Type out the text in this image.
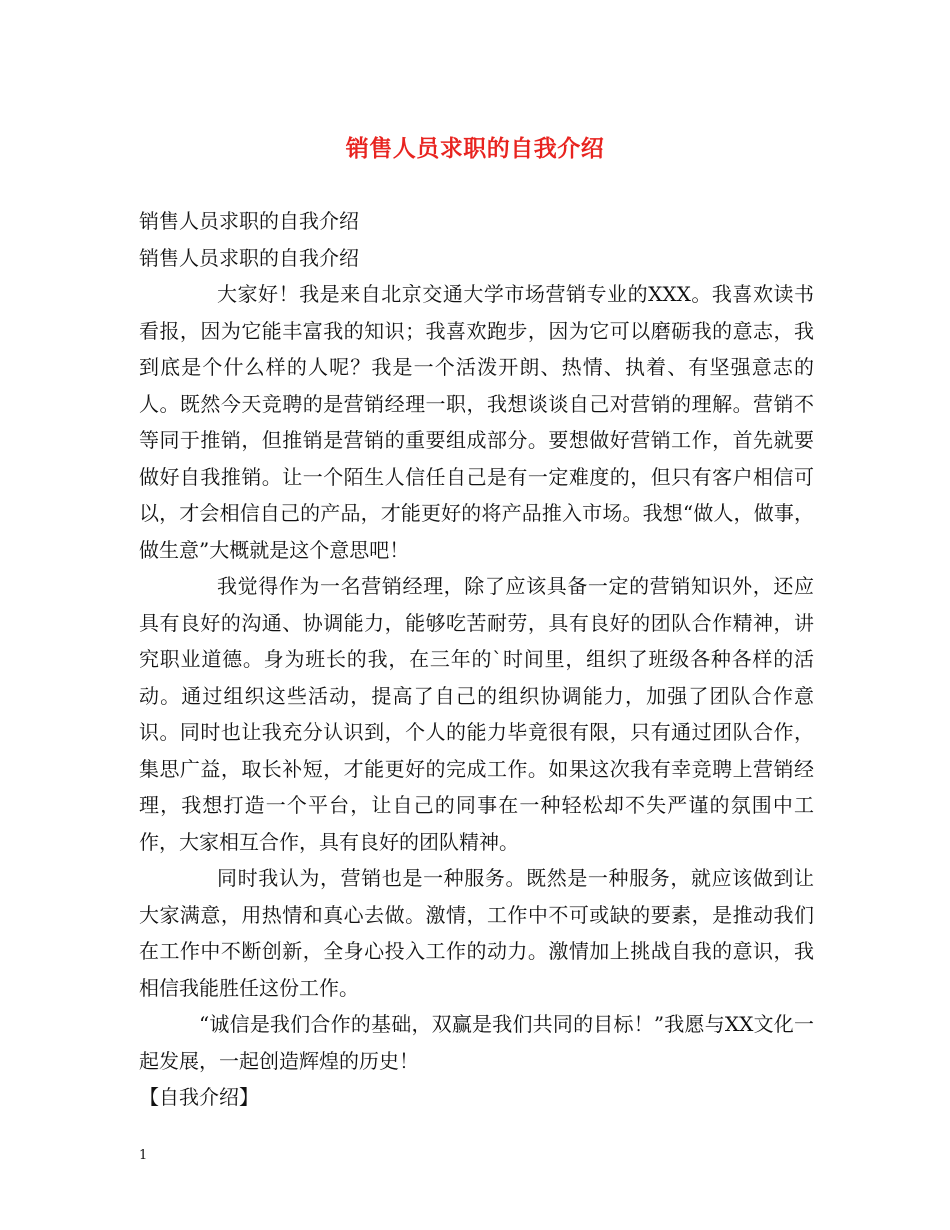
销售人员求职的自我介绍

销售人员求职的自我介绍

销售人员求职的自我介绍

大家好！我是来自北京交通大学市场营销专业的XXX。我喜欢读书看报，因为它能丰富我的知识；我喜欢跑步，因为它可以磨砺我的意志，我到底是个什么样的人呢？我是一个活泼开朗、热情、执着、有坚强意志的人。既然今天竞聘的是营销经理一职，我想谈谈自己对营销的理解。营销不等同于推销，但推销是营销的重要组成部分。要想做好营销工作，首先就要做好自我推销。让一个陌生人信任自己是有一定难度的，但只有客户相信可以，才会相信自己的产品，才能更好的将产品推入市场。我想“做人，做事，做生意”大概就是这个意思吧！

我觉得作为一名营销经理，除了应该具备一定的营销知识外，还应具有良好的沟通、协调能力，能够吃苦耐劳，具有良好的团队合作精神，讲究职业道德。身为班长的我，在三年的`时间里，组织了班级各种各样的活动。通过组织这些活动，提高了自己的组织协调能力，加强了团队合作意识。同时也让我充分认识到，个人的能力毕竟很有限，只有通过团队合作，集思广益，取长补短，才能更好的完成工作。如果这次我有幸竞聘上营销经理，我想打造一个平台，让自己的同事在一种轻松却不失严谨的氛围中工作，大家相互合作，具有良好的团队精神。

同时我认为，营销也是一种服务。既然是一种服务，就应该做到让大家满意，用热情和真心去做。激情，工作中不可或缺的要素，是推动我们在工作中不断创新，全身心投入工作的动力。激情加上挑战自我的意识，我相信我能胜任这份工作。

“诚信是我们合作的基础，双赢是我们共同的目标！”我愿与XX文化一起发展，一起创造辉煌的历史！

【自我介绍】

1
